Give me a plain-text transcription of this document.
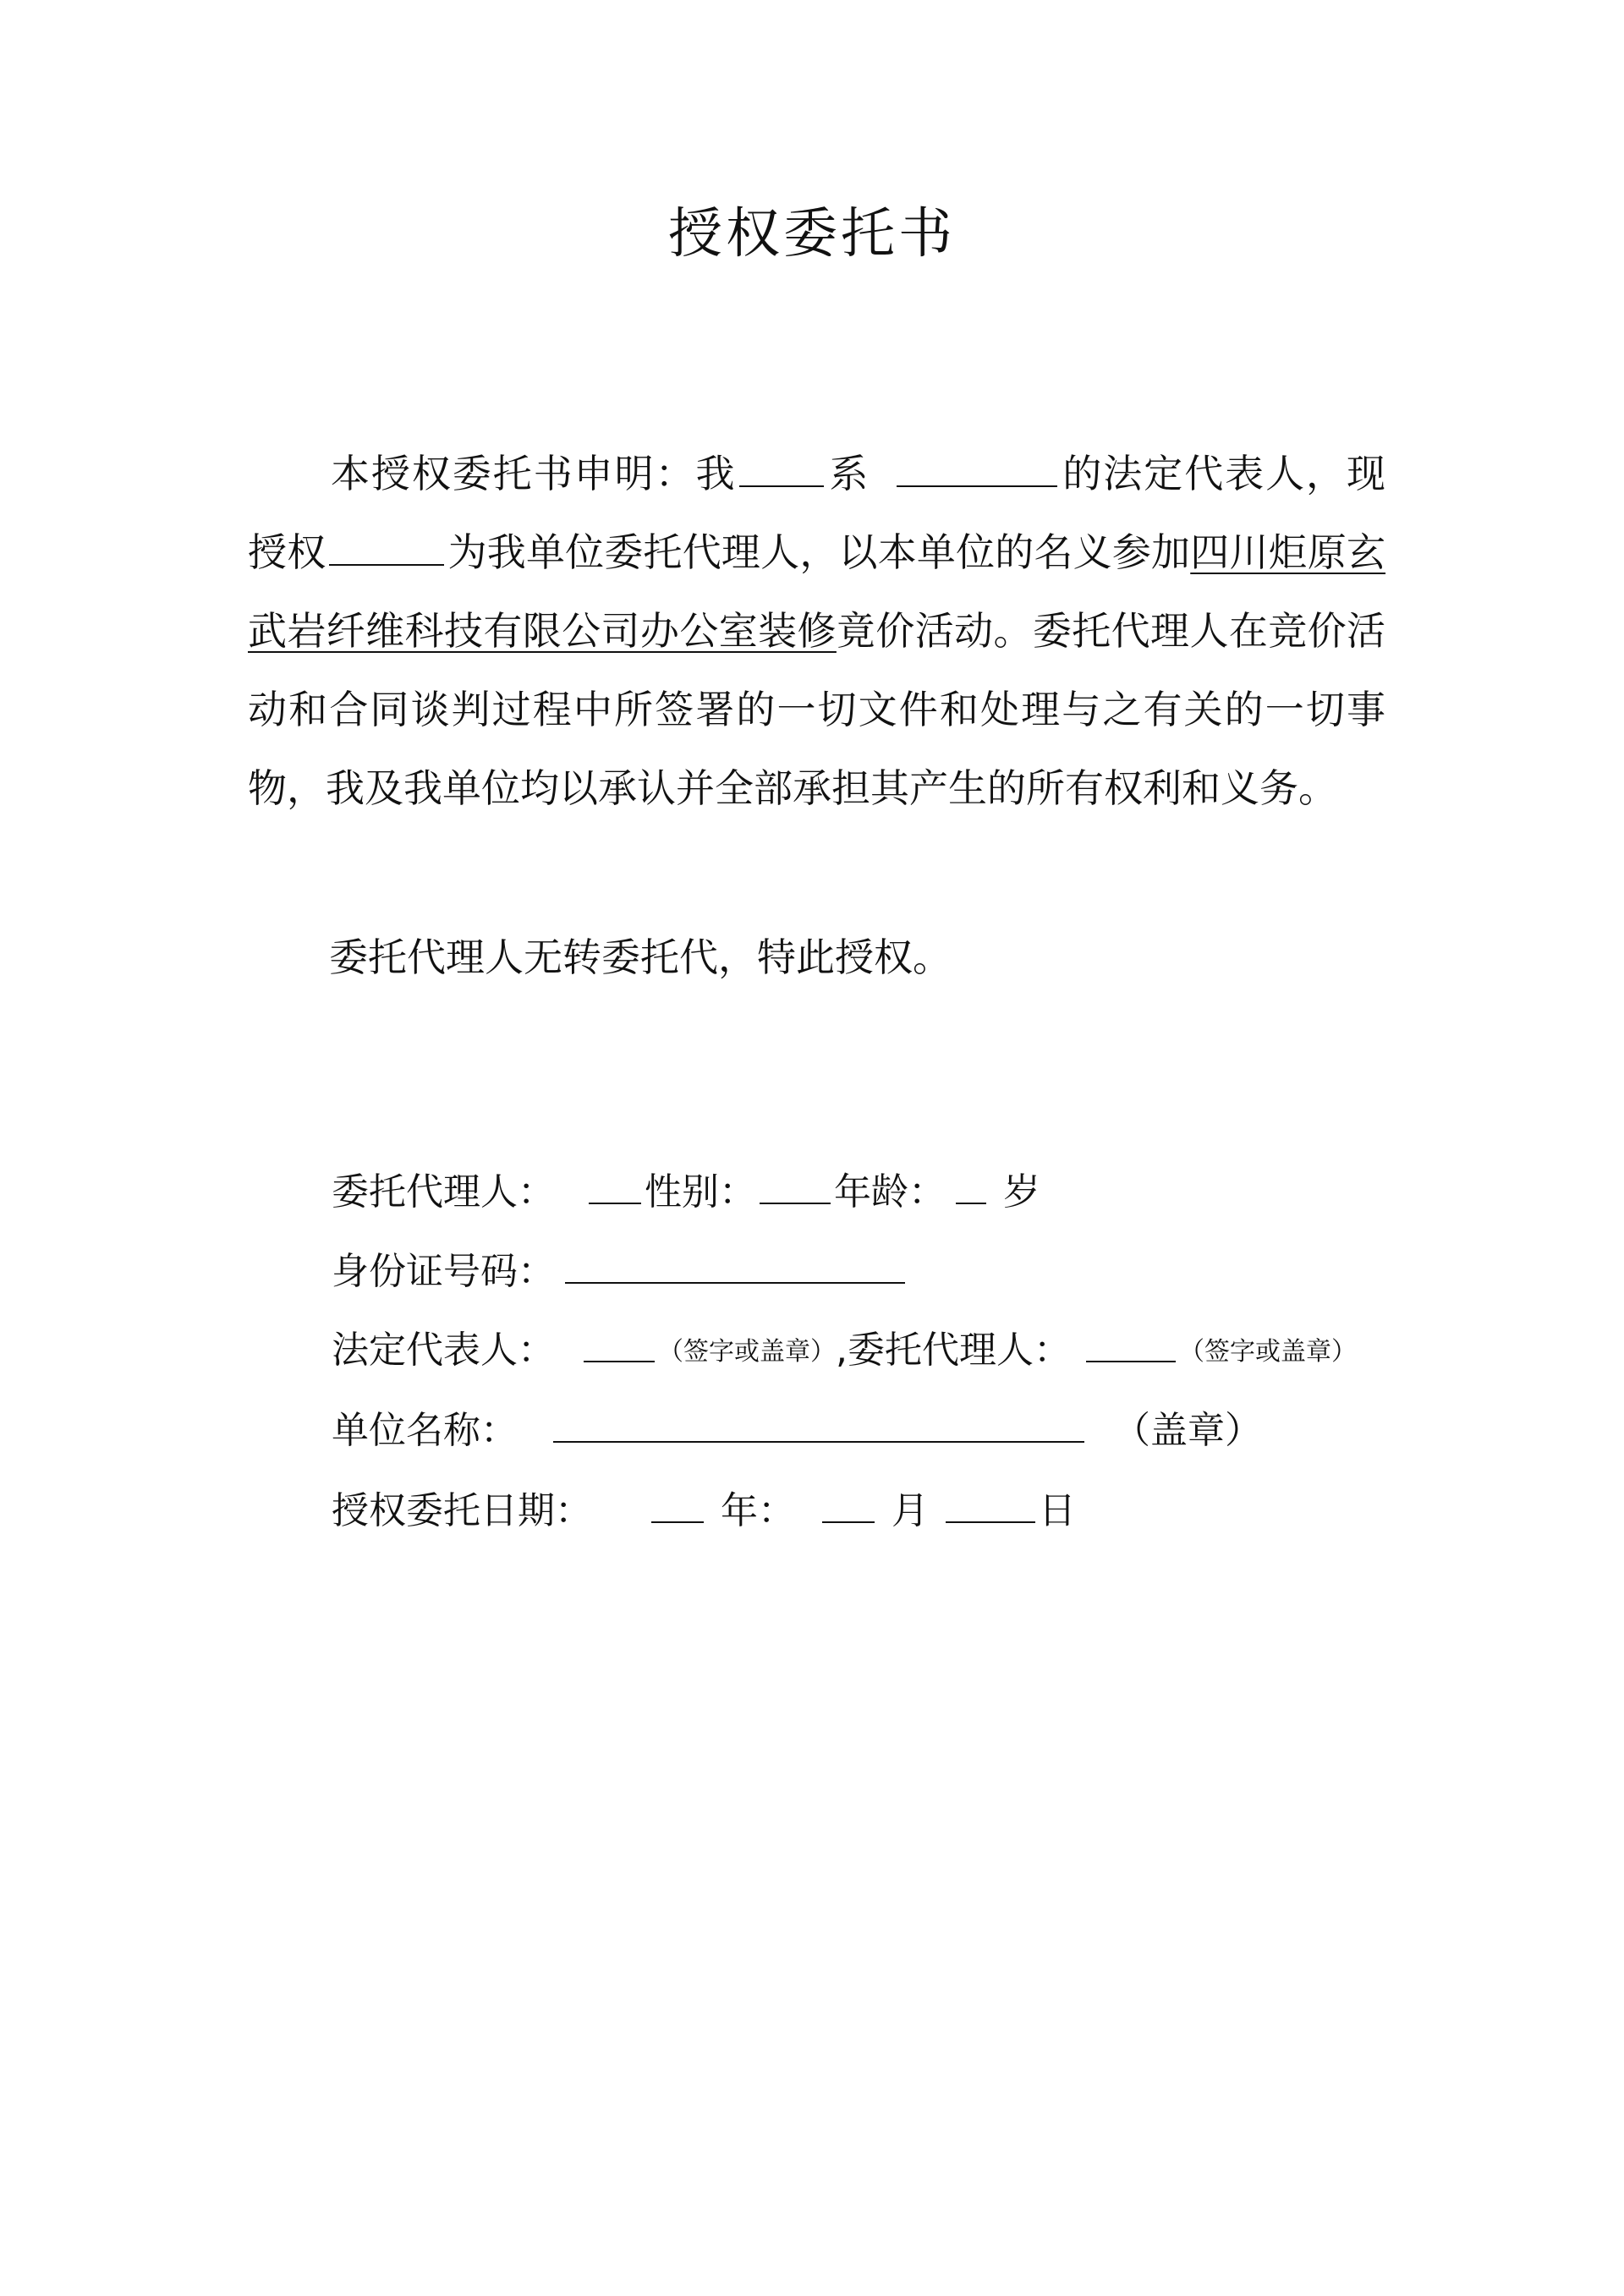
授权委托书
本授权委托书申明：我 系	的法定代表人，现授权	为我单位委托代理人，以本单位的名义参加四川炬原玄武岩纤维科技有限公司办公室装修竟价活动。委托代理人在竞价活动和合同谈判过程中所签署的一切文件和处理与之有关的一切事物，我及我单位均以承认并全部承担其产生的所有权利和义务。
委托代理人无转委托代，特此授权。
委托代理人： 性别： 年龄： 岁
身份证号码：
法定代表人：	（签字或盖章）,委托代理人：	（签字或盖章）
单位名称：	（盖章）
授权委托日期：	年：	月	日
